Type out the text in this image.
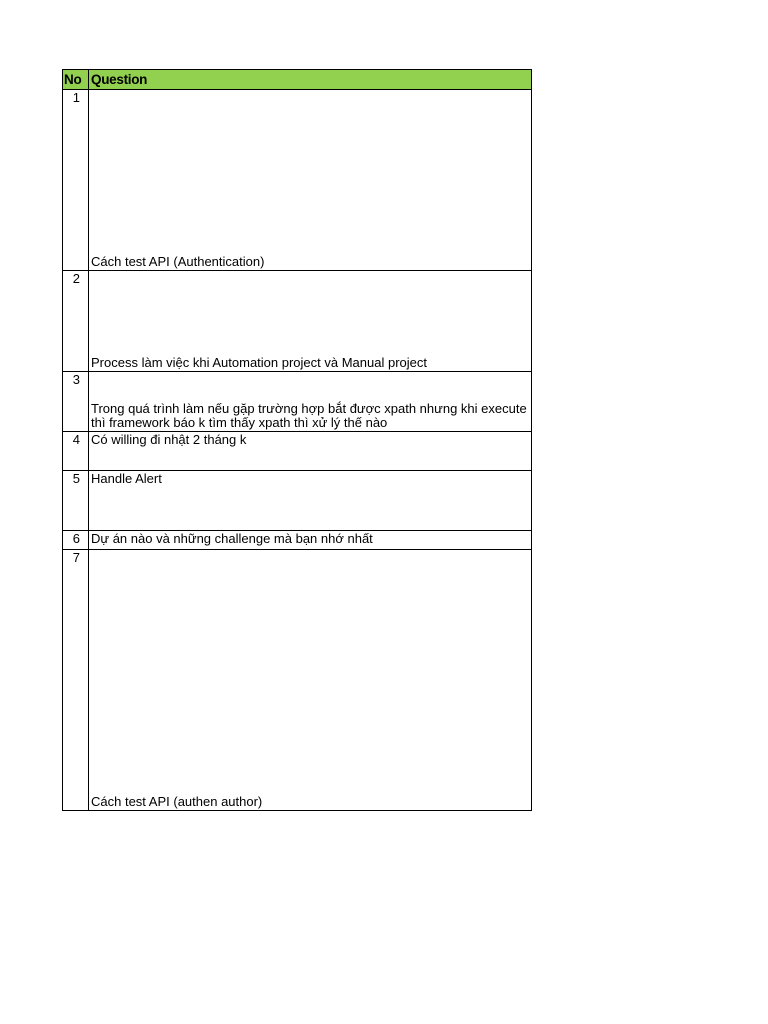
No	Question
1	Cách test API (Authentication)
2	Process làm việc khi Automation project và Manual project
3	Trong quá trình làm nếu gặp trường hợp bắt được xpath nhưng khi execute thì framework báo k tìm thấy xpath thì xử lý thế nào
4	Có willing đi nhật 2 tháng k
5	Handle Alert
6	Dự án nào và những challenge mà bạn nhớ nhất
7	Cách test API (authen author)
